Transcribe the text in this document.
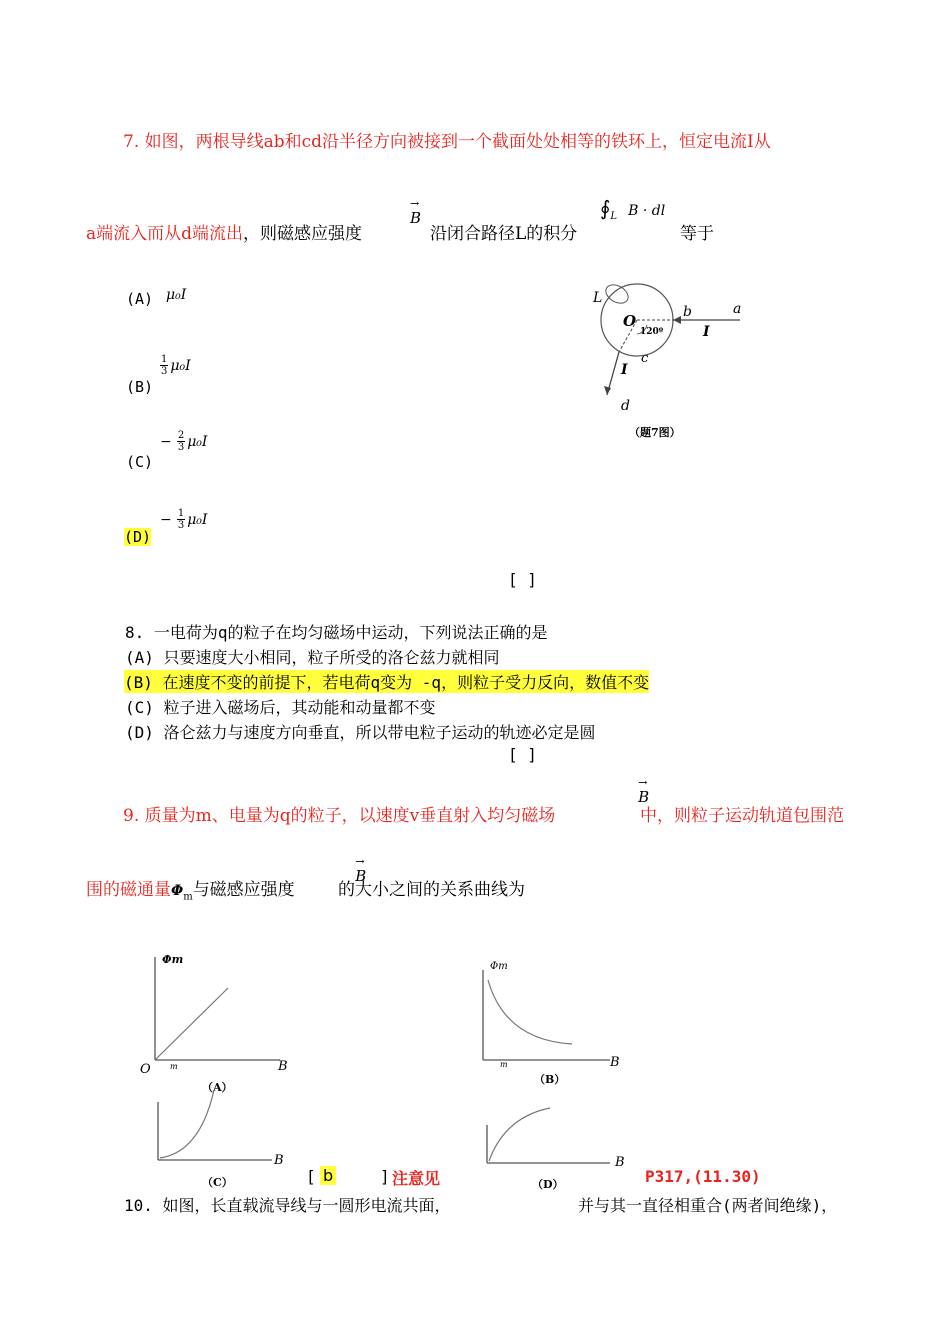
7. 如图，两根导线ab和cd沿半径方向被接到一个截面处处相等的铁环上，恒定电流I从
a端流入而从d端流出，则磁感应强度
→ B
沿闭合路径L的积分
$∮_L$ B · dl
等于
(A) μ₀I
$\frac{1}{3} \mu_0I$
(B)
− $\frac{2}{3} \mu_0I$
(C)
− $\frac{1}{3} \mu_0I$
(D)
[ ]
L
O	b	a
I
120º
c
I
d
（题7图）
8. 一电荷为q的粒子在均匀磁场中运动，下列说法正确的是
(A) 只要速度大小相同，粒子所受的洛仑兹力就相同
(B) 在速度不变的前提下，若电荷q变为 -q，则粒子受力反向，数值不变
(C) 粒子进入磁场后，其动能和动量都不变
(D) 洛仑兹力与速度方向垂直，所以带电粒子运动的轨迹必定是圆
[ ]
9. 质量为m、电量为q的粒子，以速度v垂直射入均匀磁场
→ B
中，则粒子运动轨道包围范
围的磁通量$\Phi_m$与磁感应强度
→ B
的大小之间的关系曲线为
Φm
O m	B
（A）
Φm
m	B
（B）
B
（C）
B
（D）
[ b	] 注意见	P317,(11.30)
10. 如图，长直载流导线与一圆形电流共面，	并与其一直径相重合(两者间绝缘)，
